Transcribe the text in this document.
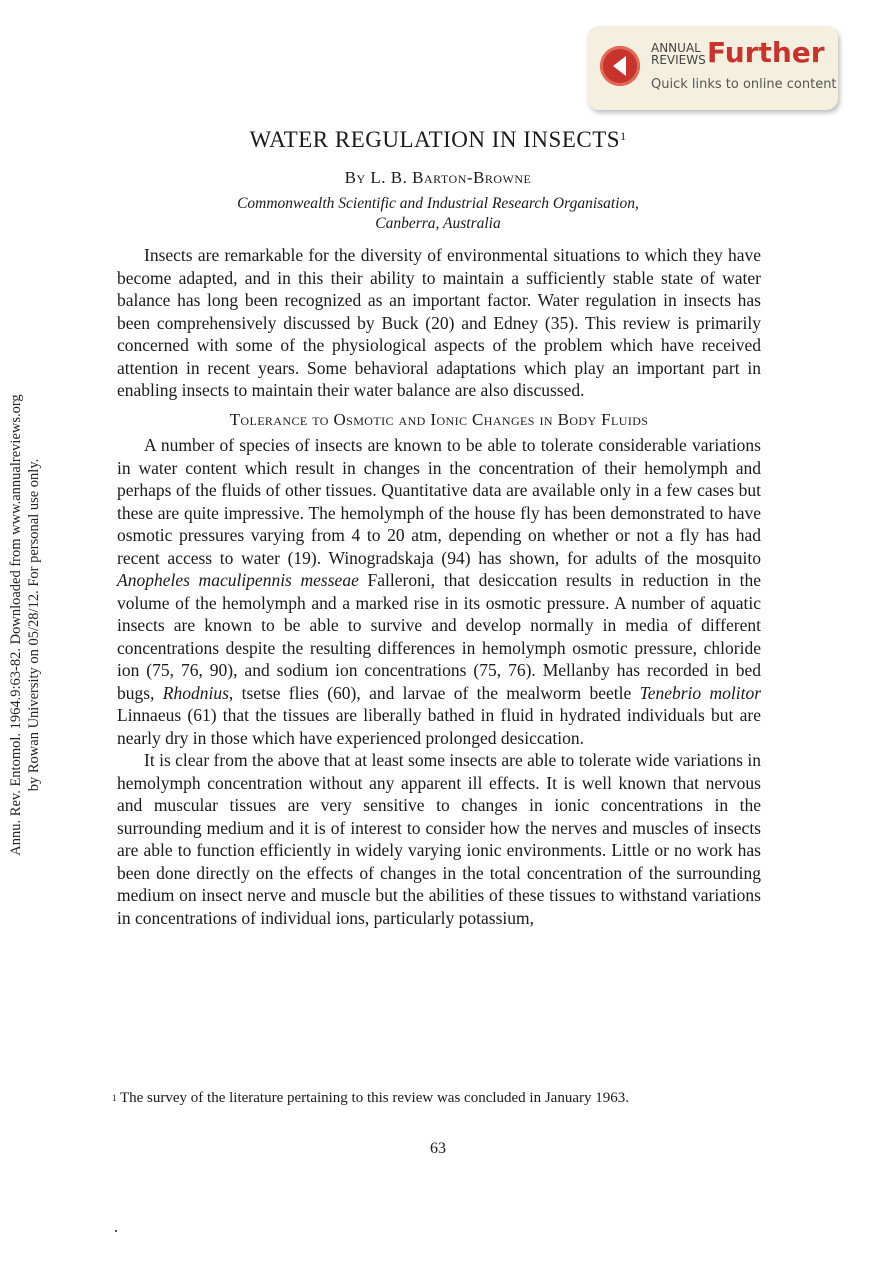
ANNUAL
REVIEWS Further
Quick links to online content
Annu. Rev. Entomol. 1964.9:63-82. Downloaded from www.annualreviews.org by Rowan University on 05/28/12. For personal use only.
WATER REGULATION IN INSECTS$^1$
By L. B. Barton-Browne
Commonwealth Scientific and Industrial Research Organisation,
Canberra, Australia

Insects are remarkable for the diversity of environmental situations to which they have become adapted, and in this their ability to maintain a sufficiently stable state of water balance has long been recognized as an important factor. Water regulation in insects has been comprehensively discussed by Buck (20) and Edney (35). This review is primarily concerned with some of the physiological aspects of the problem which have received attention in recent years. Some behavioral adaptations which play an important part in enabling insects to maintain their water balance are also discussed.

Tolerance to Osmotic and Ionic Changes in Body Fluids

A number of species of insects are known to be able to tolerate considerable variations in water content which result in changes in the concentration of their hemolymph and perhaps of the fluids of other tissues. Quantitative data are available only in a few cases but these are quite impressive. The hemolymph of the house fly has been demonstrated to have osmotic pressures varying from 4 to 20 atm, depending on whether or not a fly has had recent access to water (19). Winogradskaja (94) has shown, for adults of the mosquito Anopheles maculipennis messeae Falleroni, that desiccation results in reduction in the volume of the hemolymph and a marked rise in its osmotic pressure. A number of aquatic insects are known to be able to survive and develop normally in media of different concentrations despite the resulting differences in hemolymph osmotic pressure, chloride ion (75, 76, 90), and sodium ion concentrations (75, 76). Mellanby has recorded in bed bugs, Rhodnius, tsetse flies (60), and larvae of the mealworm beetle Tenebrio molitor Linnaeus (61) that the tissues are liberally bathed in fluid in hydrated individuals but are nearly dry in those which have experienced prolonged desiccation.

It is clear from the above that at least some insects are able to tolerate wide variations in hemolymph concentration without any apparent ill effects. It is well known that nervous and muscular tissues are very sensitive to changes in ionic concentrations in the surrounding medium and it is of interest to consider how the nerves and muscles of insects are able to function efficiently in widely varying ionic environments. Little or no work has been done directly on the effects of changes in the total concentration of the surrounding medium on insect nerve and muscle but the abilities of these tissues to withstand variations in concentrations of individual ions, particularly potassium,

$^1$ The survey of the literature pertaining to this review was concluded in January 1963.
63
